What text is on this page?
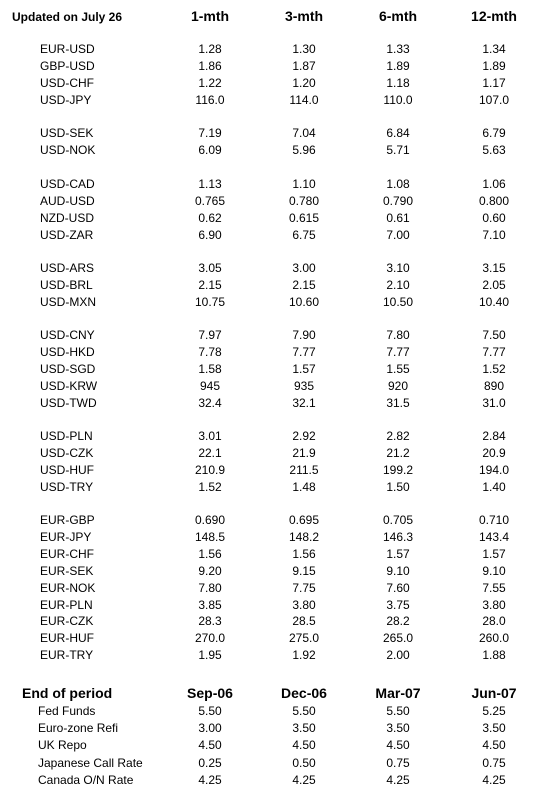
Updated on July 26	1-mth	3-mth	6-mth	12-mth
EUR-USD	1.28	1.30	1.33	1.34
GBP-USD	1.86	1.87	1.89	1.89
USD-CHF	1.22	1.20	1.18	1.17
USD-JPY	116.0	114.0	110.0	107.0
USD-SEK	7.19	7.04	6.84	6.79
USD-NOK	6.09	5.96	5.71	5.63
USD-CAD	1.13	1.10	1.08	1.06
AUD-USD	0.765	0.780	0.790	0.800
NZD-USD	0.62	0.615	0.61	0.60
USD-ZAR	6.90	6.75	7.00	7.10
USD-ARS	3.05	3.00	3.10	3.15
USD-BRL	2.15	2.15	2.10	2.05
USD-MXN	10.75	10.60	10.50	10.40
USD-CNY	7.97	7.90	7.80	7.50
USD-HKD	7.78	7.77	7.77	7.77
USD-SGD	1.58	1.57	1.55	1.52
USD-KRW	945	935	920	890
USD-TWD	32.4	32.1	31.5	31.0
USD-PLN	3.01	2.92	2.82	2.84
USD-CZK	22.1	21.9	21.2	20.9
USD-HUF	210.9	211.5	199.2	194.0
USD-TRY	1.52	1.48	1.50	1.40
EUR-GBP	0.690	0.695	0.705	0.710
EUR-JPY	148.5	148.2	146.3	143.4
EUR-CHF	1.56	1.56	1.57	1.57
EUR-SEK	9.20	9.15	9.10	9.10
EUR-NOK	7.80	7.75	7.60	7.55
EUR-PLN	3.85	3.80	3.75	3.80
EUR-CZK	28.3	28.5	28.2	28.0
EUR-HUF	270.0	275.0	265.0	260.0
EUR-TRY	1.95	1.92	2.00	1.88
End of period	Sep-06	Dec-06	Mar-07	Jun-07
Fed Funds	5.50	5.50	5.50	5.25
Euro-zone Refi	3.00	3.50	3.50	3.50
UK Repo	4.50	4.50	4.50	4.50
Japanese Call Rate	0.25	0.50	0.75	0.75
Canada O/N Rate	4.25	4.25	4.25	4.25
